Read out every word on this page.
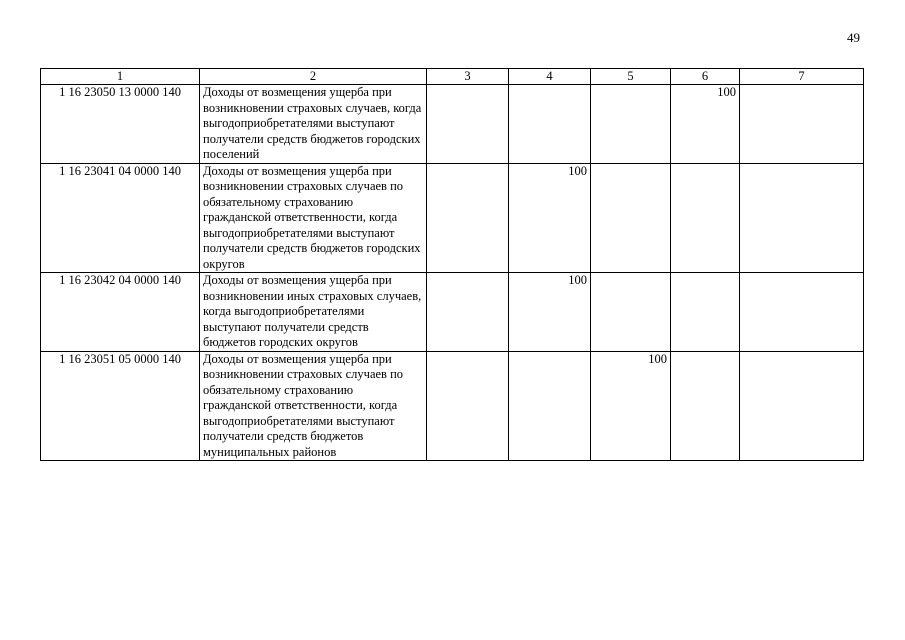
49
1	2	3	4	5	6	7
1 16 23050 13 0000 140	Доходы от возмещения ущерба при возникновении страховых случаев, когда выгодоприобретателями выступают получатели средств бюджетов городских поселений				100	
1 16 23041 04 0000 140	Доходы от возмещения ущерба при возникновении страховых случаев по обязательному страхованию гражданской ответственности, когда выгодоприобретателями выступают получатели средств бюджетов городских округов		100			
1 16 23042 04 0000 140	Доходы от возмещения ущерба при возникновении иных страховых случаев, когда выгодоприобретателями выступают получатели средств бюджетов городских округов		100			
1 16 23051 05 0000 140	Доходы от возмещения ущерба при возникновении страховых случаев по обязательному страхованию гражданской ответственности, когда выгодоприобретателями выступают получатели средств бюджетов муниципальных районов			100		
